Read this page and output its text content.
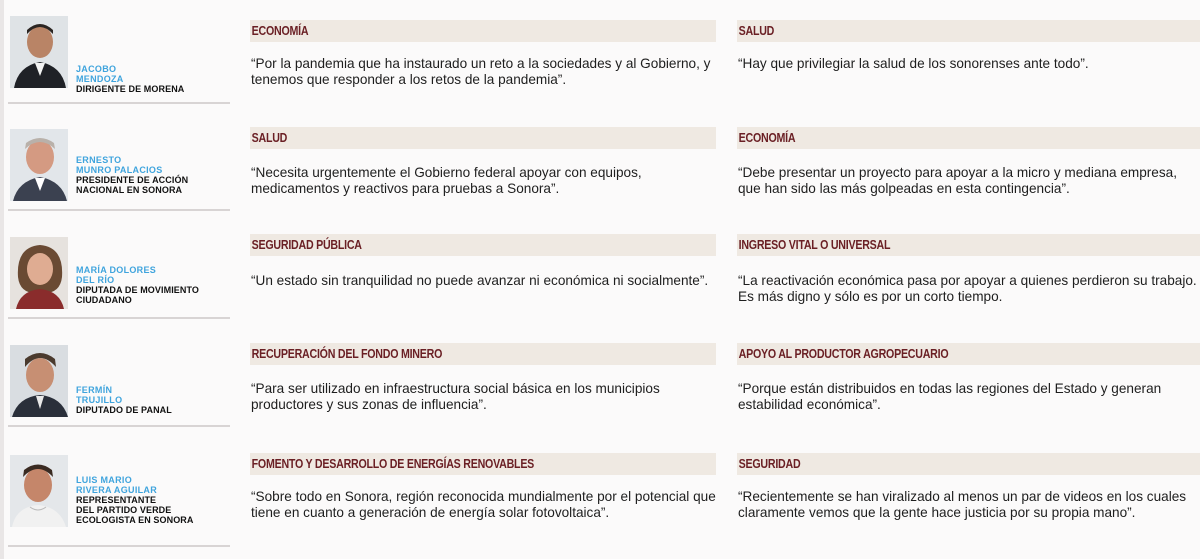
JACOBO
MENDOZA
DIRIGENTE DE MORENA
ECONOMÍA
“Por la pandemia que ha instaurado un reto a la sociedades y al Gobierno, y tenemos que responder a los retos de la pandemia”.
SALUD
“Hay que privilegiar la salud de los sonorenses ante todo”.
ERNESTO
MUNRO PALACIOS
PRESIDENTE DE ACCIÓN
NACIONAL EN SONORA
SALUD
“Necesita urgentemente el Gobierno federal apoyar con equipos, medicamentos y reactivos para pruebas a Sonora”.
ECONOMÍA
“Debe presentar un proyecto para apoyar a la micro y mediana empresa, que han sido las más golpeadas en esta contingencia”.
MARÍA DOLORES
DEL RÍO
DIPUTADA DE MOVIMIENTO
CIUDADANO
SEGURIDAD PÚBLICA
“Un estado sin tranquilidad no puede avanzar ni económica ni socialmente”.
INGRESO VITAL O UNIVERSAL
“La reactivación económica pasa por apoyar a quienes perdieron su trabajo. Es más digno y sólo es por un corto tiempo.
FERMÍN
TRUJILLO
DIPUTADO DE PANAL
RECUPERACIÓN DEL FONDO MINERO
“Para ser utilizado en infraestructura social básica en los municipios productores y sus zonas de influencia”.
APOYO AL PRODUCTOR AGROPECUARIO
“Porque están distribuidos en todas las regiones del Estado y generan estabilidad económica”.
LUIS MARIO
RIVERA AGUILAR
REPRESENTANTE
DEL PARTIDO VERDE
ECOLOGISTA EN SONORA
FOMENTO Y DESARROLLO DE ENERGÍAS RENOVABLES
“Sobre todo en Sonora, región reconocida mundialmente por el potencial que tiene en cuanto a generación de energía solar fotovoltaica”.
SEGURIDAD
“Recientemente se han viralizado al menos un par de videos en los cuales claramente vemos que la gente hace justicia por su propia mano”.
